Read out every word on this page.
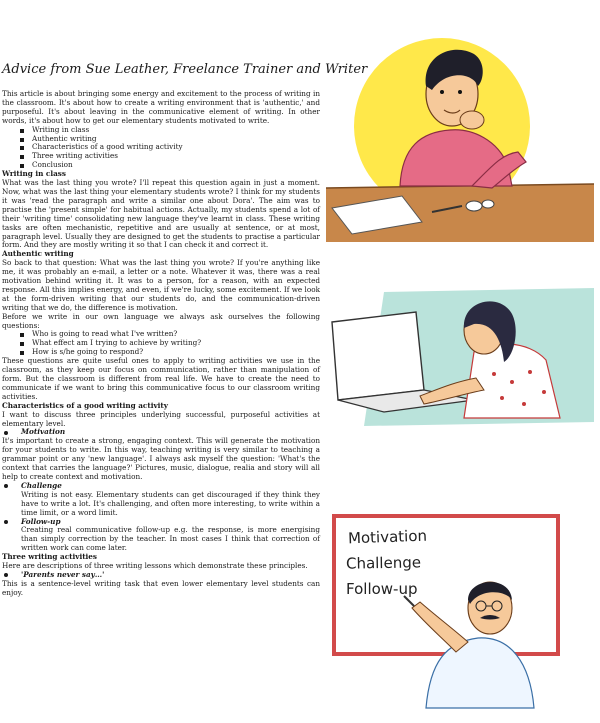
Advice from Sue Leather, Freelance Trainer and Writer

This article is about bringing some energy and excitement to the process of writing in the classroom. It's about how to create a writing environment that is 'authentic,' and purposeful. It's about leaving in the communicative element of writing. In other words, it's about how to get our elementary students motivated to write.

Writing in class
Authentic writing
Characteristics of a good writing activity
Three writing activities
Conclusion
Writing in class

What was the last thing you wrote? I'll repeat this question again in just a moment. Now, what was the last thing your elementary students wrote? I think for my students it was 'read the paragraph and write a similar one about Dora'. The aim was to practise the 'present simple' for habitual actions. Actually, my students spend a lot of their 'writing time' consolidating new language they've learnt in class. These writing tasks are often mechanistic, repetitive and are usually at sentence, or at most, paragraph level. Usually they are designed to get the students to practise a particular form. And they are mostly writing it so that I can check it and correct it.

Authentic writing

So back to that question: What was the last thing you wrote? If you're anything like me, it was probably an e-mail, a letter or a note. Whatever it was, there was a real motivation behind writing it. It was to a person, for a reason, with an expected response. All this implies energy, and even, if we're lucky, some excitement. If we look at the form-driven writing that our students do, and the communication-driven writing that we do, the difference is motivation.

Before we write in our own language we always ask ourselves the following questions:

Who is going to read what I've written?
What effect am I trying to achieve by writing?
How is s/he going to respond?

These questions are quite useful ones to apply to writing activities we use in the classroom, as they keep our focus on communication, rather than manipulation of form. But the classroom is different from real life. We have to create the need to communicate if we want to bring this communicative focus to our classroom writing activities.

Characteristics of a good writing activity

I want to discuss three principles underlying successful, purposeful activities at elementary level.

Motivation

It's important to create a strong, engaging context. This will generate the motivation for your students to write. In this way, teaching writing is very similar to teaching a grammar point or any 'new language'. I always ask myself the question: 'What's the context that carries the language?' Pictures, music, dialogue, realia and story will all help to create context and motivation.

Challenge

Writing is not easy. Elementary students can get discouraged if they think they have to write a lot. It's challenging, and often more interesting, to write within a time limit, or a word limit.

Follow-up

Creating real communicative follow-up e.g. the response, is more energising than simply correction by the teacher. In most cases I think that correction of written work can come later.

Three writing activities

Here are descriptions of three writing lessons which demonstrate these principles.

'Parents never say…'

This is a sentence-level writing task that even lower elementary level students can enjoy.

Motivation
Challenge
Follow-up
